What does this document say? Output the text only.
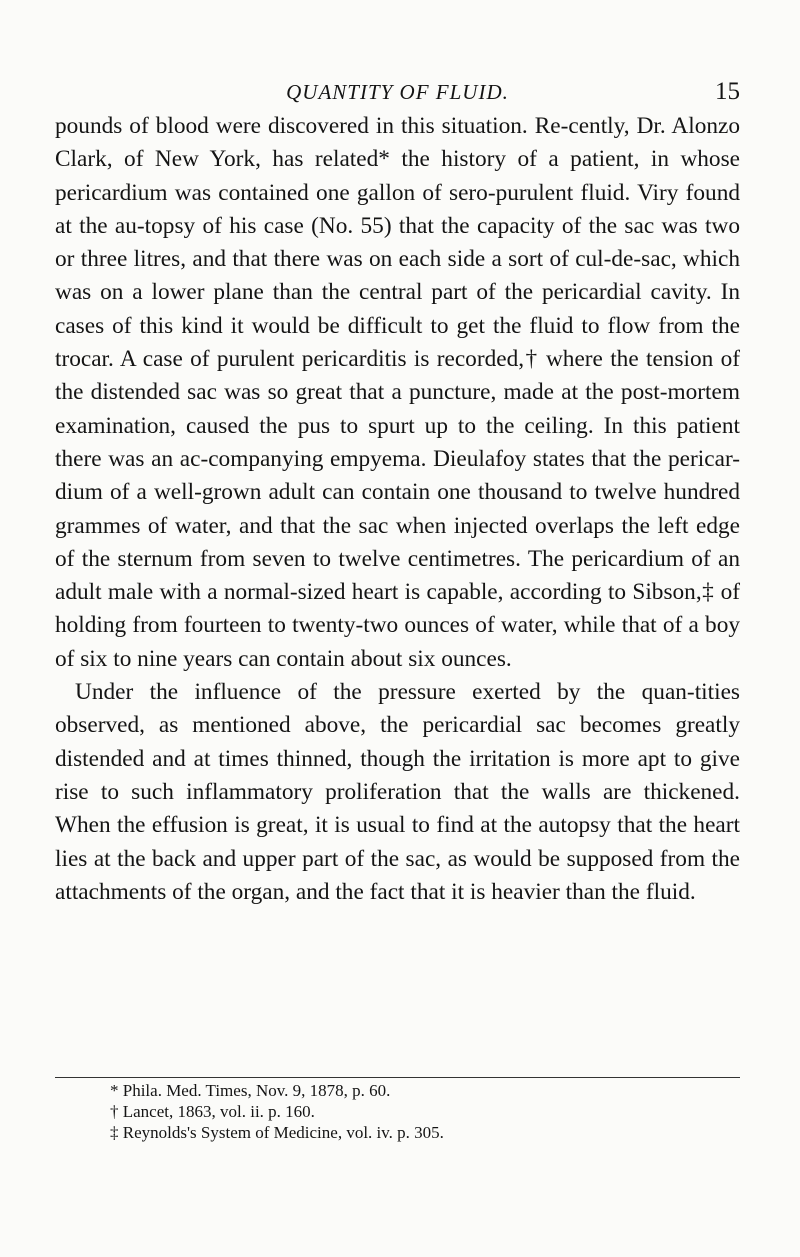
QUANTITY OF FLUID.	15

pounds of blood were discovered in this situation. Re-cently, Dr. Alonzo Clark, of New York, has related* the history of a patient, in whose pericardium was contained one gallon of sero-purulent fluid. Viry found at the au-topsy of his case (No. 55) that the capacity of the sac was two or three litres, and that there was on each side a sort of cul-de-sac, which was on a lower plane than the central part of the pericardial cavity. In cases of this kind it would be difficult to get the fluid to flow from the trocar. A case of purulent pericarditis is recorded,† where the tension of the distended sac was so great that a puncture, made at the post-mortem examination, caused the pus to spurt up to the ceiling. In this patient there was an ac-companying empyema. Dieulafoy states that the pericar-dium of a well-grown adult can contain one thousand to twelve hundred grammes of water, and that the sac when injected overlaps the left edge of the sternum from seven to twelve centimetres. The pericardium of an adult male with a normal-sized heart is capable, according to Sibson,‡ of holding from fourteen to twenty-two ounces of water, while that of a boy of six to nine years can contain about six ounces.

Under the influence of the pressure exerted by the quan-tities observed, as mentioned above, the pericardial sac becomes greatly distended and at times thinned, though the irritation is more apt to give rise to such inflammatory proliferation that the walls are thickened. When the effusion is great, it is usual to find at the autopsy that the heart lies at the back and upper part of the sac, as would be supposed from the attachments of the organ, and the fact that it is heavier than the fluid.

* Phila. Med. Times, Nov. 9, 1878, p. 60.
† Lancet, 1863, vol. ii. p. 160.
‡ Reynolds's System of Medicine, vol. iv. p. 305.
